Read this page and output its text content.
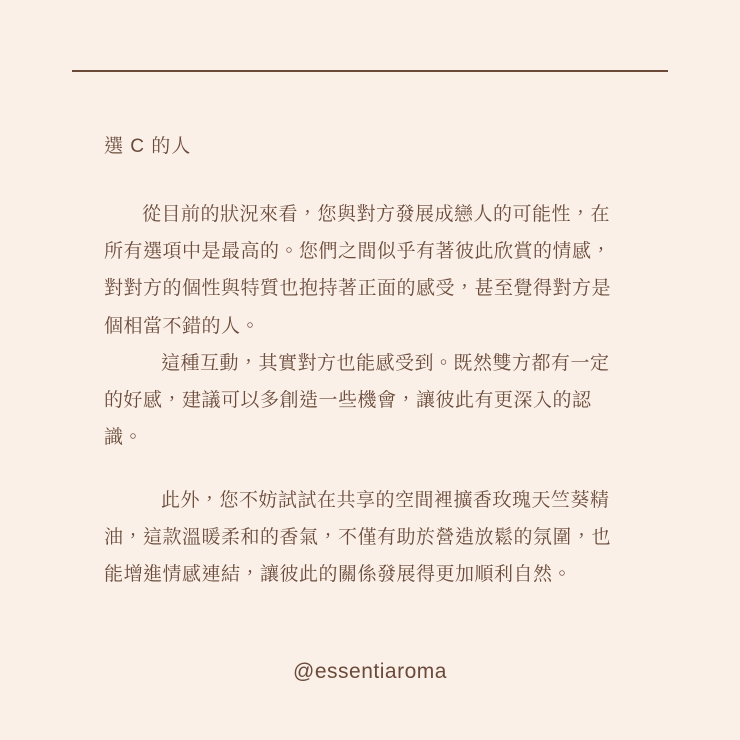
選 C 的人

從目前的狀況來看，您與對方發展成戀人的可能性，在所有選項中是最高的。您們之間似乎有著彼此欣賞的情感，對對方的個性與特質也抱持著正面的感受，甚至覺得對方是個相當不錯的人。

這種互動，其實對方也能感受到。既然雙方都有一定的好感，建議可以多創造一些機會，讓彼此有更深入的認識。

此外，您不妨試試在共享的空間裡擴香玫瑰天竺葵精油，這款溫暖柔和的香氣，不僅有助於營造放鬆的氛圍，也能增進情感連結，讓彼此的關係發展得更加順利自然。

@essentiaroma
